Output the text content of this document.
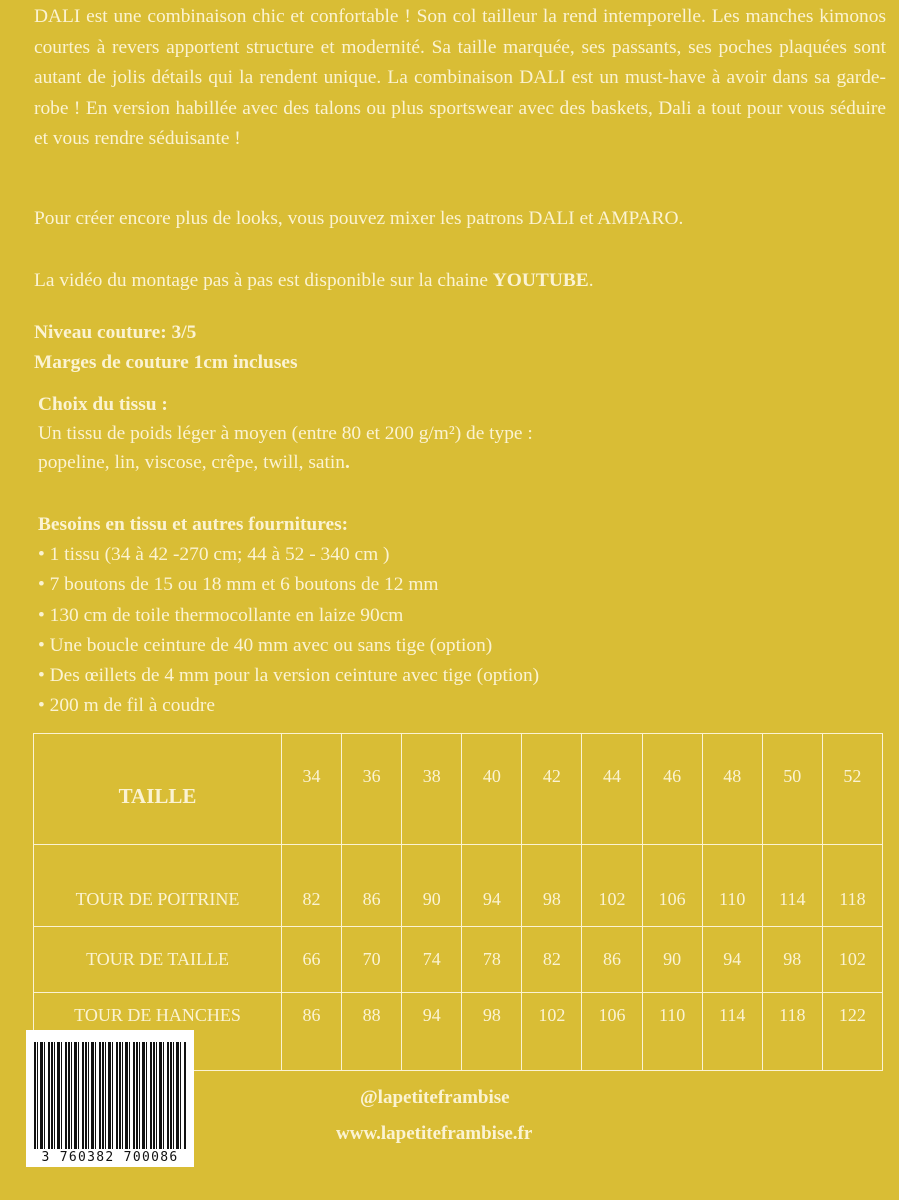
DALI est une combinaison chic et confortable ! Son col tailleur la rend intemporelle. Les manches kimonos courtes à revers apportent structure et modernité. Sa taille marquée, ses passants, ses poches plaquées sont autant de jolis détails qui la rendent unique. La combinaison DALI est un must-have à avoir dans sa garde-robe ! En version habillée avec des talons ou plus sportswear avec des baskets, Dali a tout pour vous séduire et vous rendre séduisante !

Pour créer encore plus de looks, vous pouvez mixer les patrons DALI et AMPARO.

La vidéo du montage pas à pas est disponible sur la chaine YOUTUBE.

Niveau couture: 3/5
Marges de couture 1cm incluses
Choix du tissu :
Un tissu de poids léger à moyen (entre 80 et 200 g/m²) de type :
popeline, lin, viscose, crêpe, twill, satin.
Besoins en tissu et autres fournitures:
• 1 tissu (34 à 42 -270 cm; 44 à 52 - 340 cm )
• 7 boutons de 15 ou 18 mm et 6 boutons de 12 mm
• 130 cm de toile thermocollante en laize 90cm
• Une boucle ceinture de 40 mm avec ou sans tige (option)
• Des œillets de 4 mm pour la version ceinture avec tige (option)
• 200 m de fil à coudre
TAILLE	34	36	38	40	42	44	46	48	50	52
TOUR DE POITRINE	82	86	90	94	98	102	106	110	114	118
TOUR DE TAILLE	66	70	74	78	82	86	90	94	98	102
TOUR DE HANCHES	86	88	94	98	102	106	110	114	118	122
3 760382 700086

@lapetiteframbise

www.lapetiteframbise.fr
